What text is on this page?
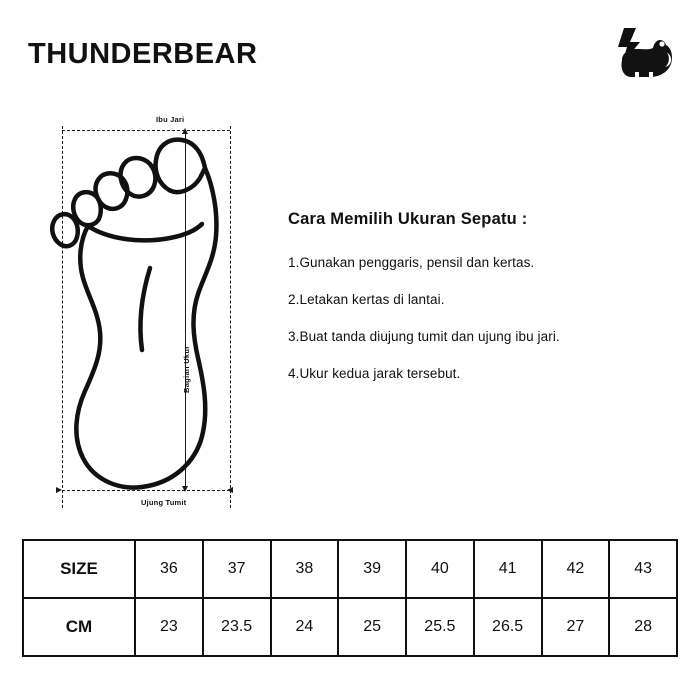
THUNDERBEAR
Ibu Jari
Ujung Tumit
Bagian Ukur
Cara Memilih Ukuran Sepatu :
1.Gunakan penggaris, pensil dan kertas.
2.Letakan kertas di lantai.
3.Buat tanda diujung tumit dan ujung ibu jari.
4.Ukur kedua jarak tersebut.
SIZE	36	37	38	39	40	41	42	43
CM	23	23.5	24	25	25.5	26.5	27	28
